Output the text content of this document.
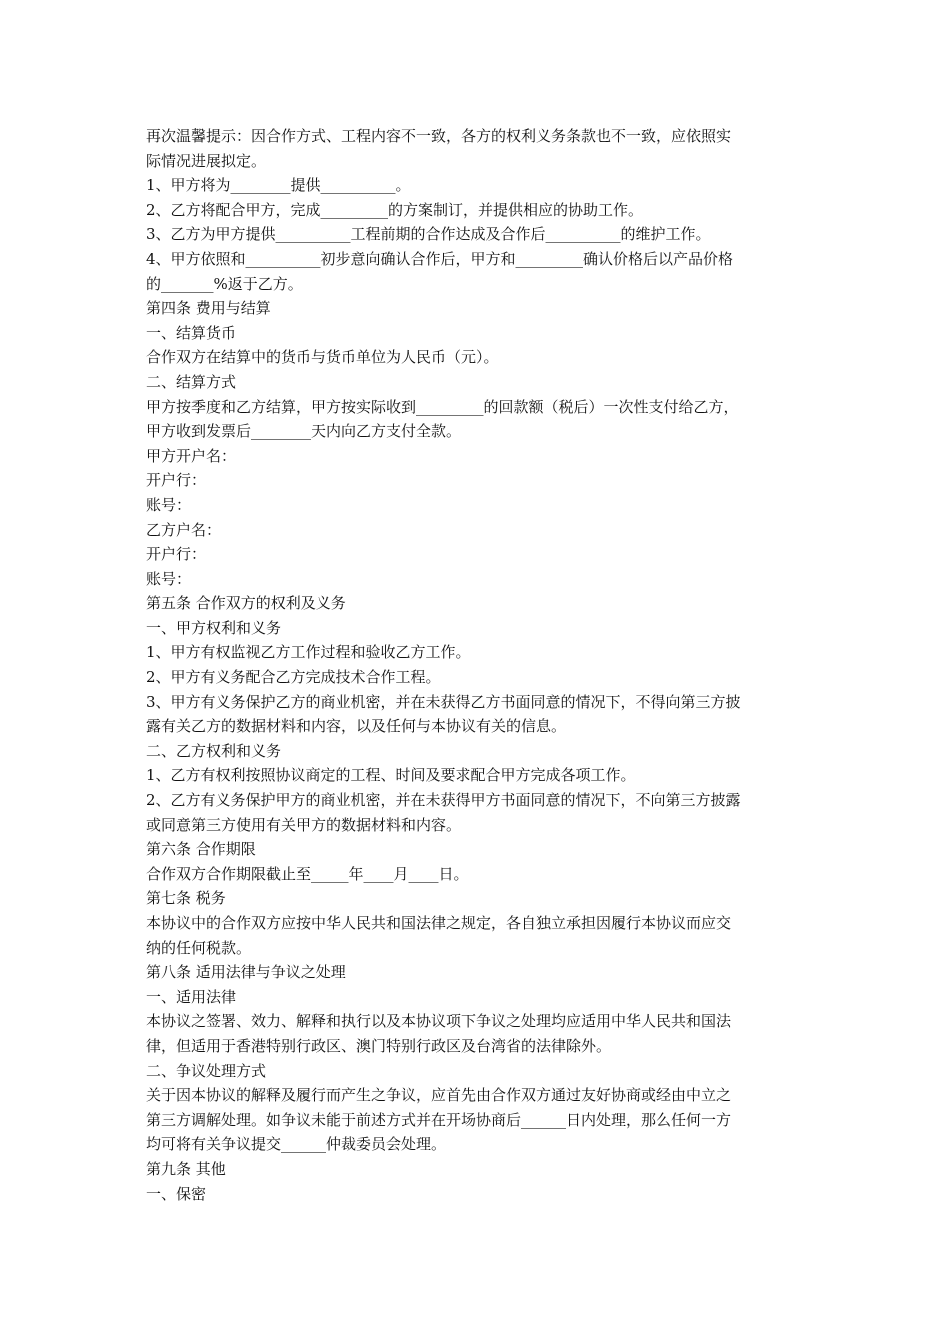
再次温馨提示：因合作方式、工程内容不一致，各方的权利义务条款也不一致，应依照实
际情况进展拟定。
1、甲方将为________提供__________。
2、乙方将配合甲方，完成_________的方案制订，并提供相应的协助工作。
3、乙方为甲方提供__________工程前期的合作达成及合作后__________的维护工作。
4、甲方依照和__________初步意向确认合作后，甲方和_________确认价格后以产品价格
的_______%返于乙方。
第四条 费用与结算
一、结算货币
合作双方在结算中的货币与货币单位为人民币（元）。
二、结算方式
甲方按季度和乙方结算，甲方按实际收到_________的回款额（税后）一次性支付给乙方，
甲方收到发票后________天内向乙方支付全款。
甲方开户名：
开户行：
账号：
乙方户名：
开户行：
账号：
第五条 合作双方的权利及义务
一、甲方权利和义务
1、甲方有权监视乙方工作过程和验收乙方工作。
2、甲方有义务配合乙方完成技术合作工程。
3、甲方有义务保护乙方的商业机密，并在未获得乙方书面同意的情况下，不得向第三方披
露有关乙方的数据材料和内容，以及任何与本协议有关的信息。
二、乙方权利和义务
1、乙方有权利按照协议商定的工程、时间及要求配合甲方完成各项工作。
2、乙方有义务保护甲方的商业机密，并在未获得甲方书面同意的情况下，不向第三方披露
或同意第三方使用有关甲方的数据材料和内容。
第六条 合作期限
合作双方合作期限截止至_____年____月____日。
第七条 税务
本协议中的合作双方应按中华人民共和国法律之规定，各自独立承担因履行本协议而应交
纳的任何税款。
第八条 适用法律与争议之处理
一、适用法律
本协议之签署、效力、解释和执行以及本协议项下争议之处理均应适用中华人民共和国法
律，但适用于香港特别行政区、澳门特别行政区及台湾省的法律除外。
二、争议处理方式
关于因本协议的解释及履行而产生之争议，应首先由合作双方通过友好协商或经由中立之
第三方调解处理。如争议未能于前述方式并在开场协商后______日内处理，那么任何一方
均可将有关争议提交______仲裁委员会处理。
第九条 其他
一、保密
